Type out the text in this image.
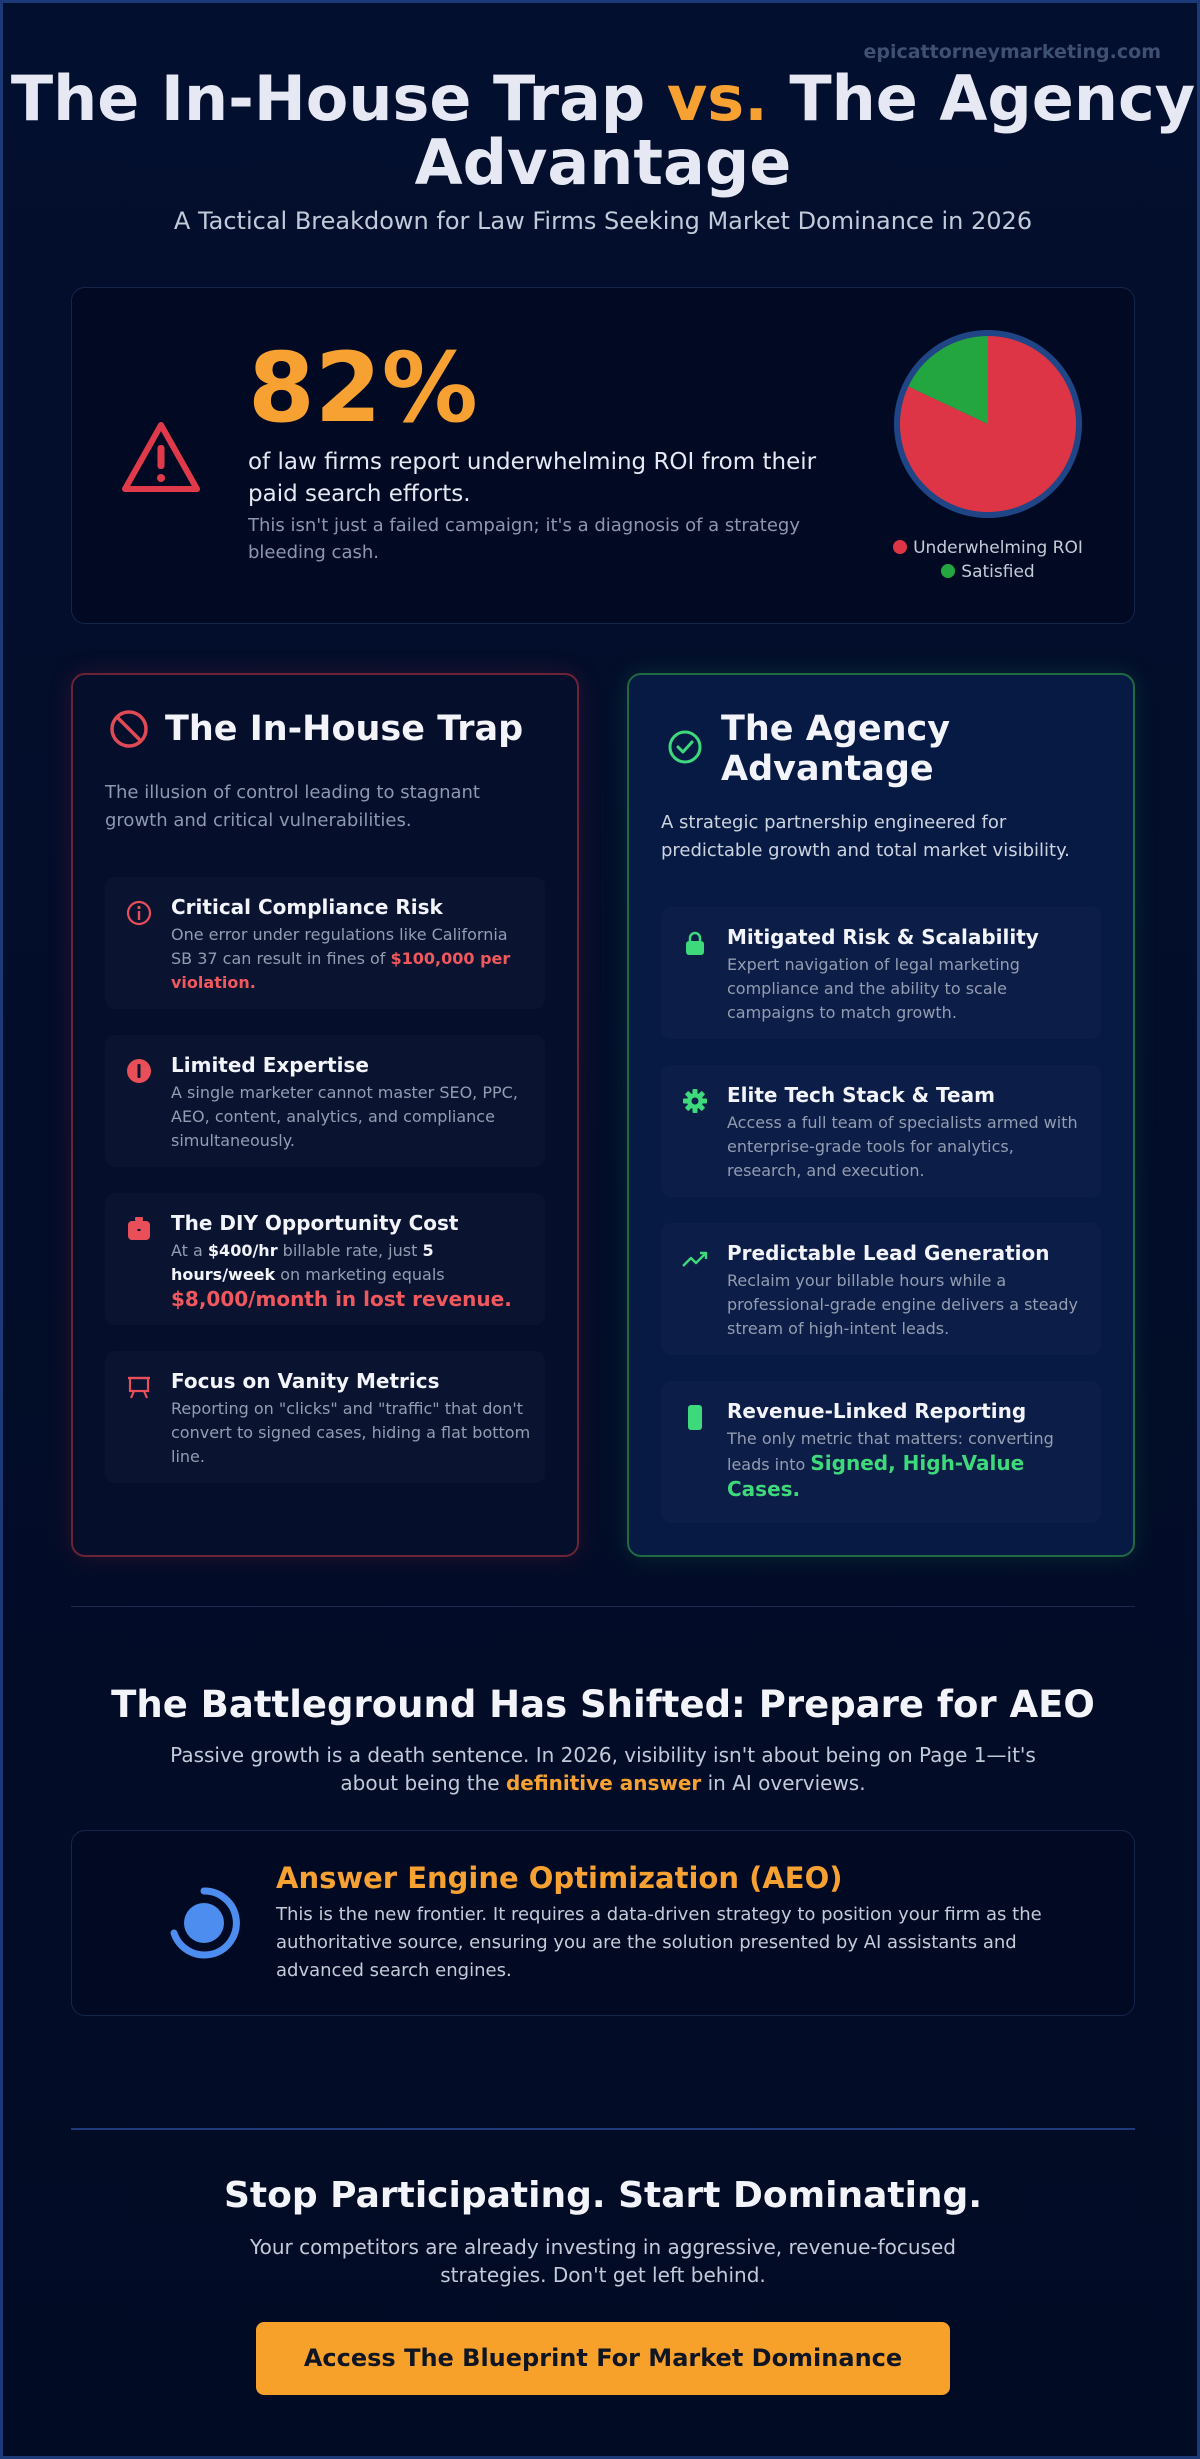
epicattorneymarketing.com
The In-House Trap vs. The Agency Advantage
A Tactical Breakdown for Law Firms Seeking Market Dominance in 2026
82%
of law firms report underwhelming ROI from their paid search efforts.
This isn't just a failed campaign; it's a diagnosis of a strategy bleeding cash.	Underwhelming ROI
Satisfied
The In-House Trap
The illusion of control leading to stagnant growth and critical vulnerabilities.
Critical Compliance Risk
One error under regulations like California SB 37 can result in fines of $100,000 per violation.
Limited Expertise
A single marketer cannot master SEO, PPC, AEO, content, analytics, and compliance simultaneously.
The DIY Opportunity Cost
At a $400/hr billable rate, just 5 hours/week on marketing equals
$8,000/month in lost revenue.
Focus on Vanity Metrics
Reporting on "clicks" and "traffic" that don't convert to signed cases, hiding a flat bottom line.
The Agency Advantage
A strategic partnership engineered for predictable growth and total market visibility.
Mitigated Risk & Scalability
Expert navigation of legal marketing compliance and the ability to scale campaigns to match growth.
Elite Tech Stack & Team
Access a full team of specialists armed with enterprise-grade tools for analytics, research, and execution.
Predictable Lead Generation
Reclaim your billable hours while a professional-grade engine delivers a steady stream of high-intent leads.
Revenue-Linked Reporting
The only metric that matters: converting leads into Signed, High-Value Cases.
The Battleground Has Shifted: Prepare for AEO
Passive growth is a death sentence. In 2026, visibility isn't about being on Page 1—it's about being the definitive answer in AI overviews.
Answer Engine Optimization (AEO)
This is the new frontier. It requires a data-driven strategy to position your firm as the authoritative source, ensuring you are the solution presented by AI assistants and advanced search engines.
Stop Participating. Start Dominating.
Your competitors are already investing in aggressive, revenue-focused strategies. Don't get left behind.
Access The Blueprint For Market Dominance
